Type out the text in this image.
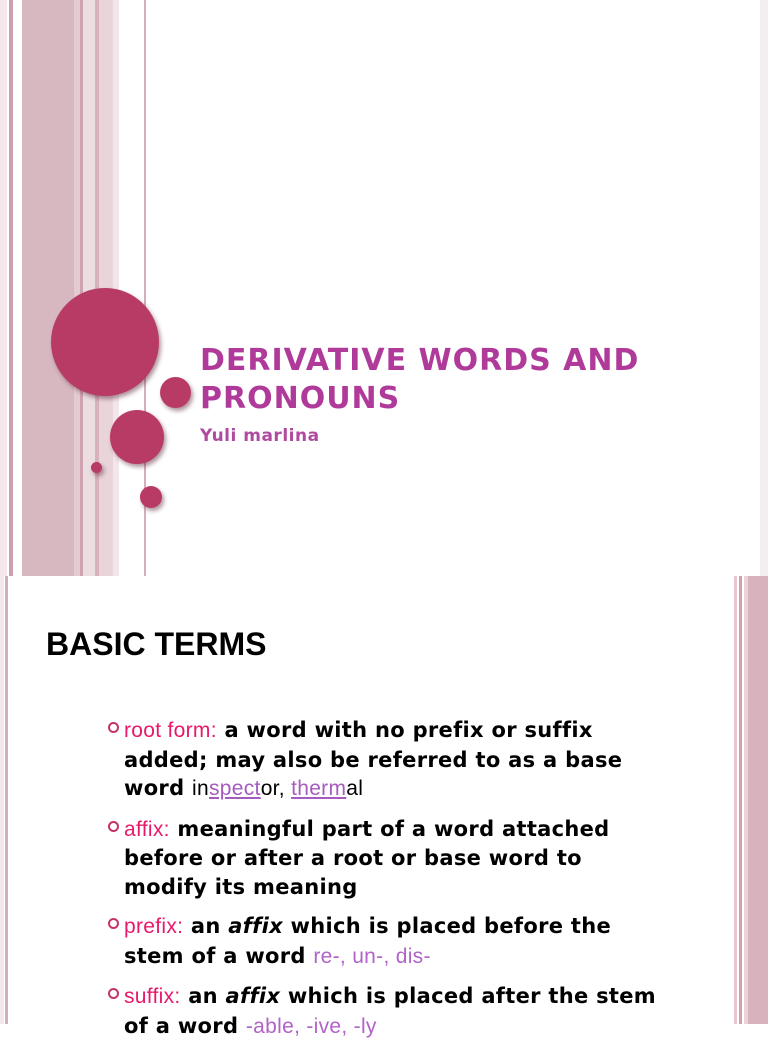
DERIVATIVE WORDS AND PRONOUNS
Yuli marlina
BASIC TERMS
root form: a word with no prefix or suffix added; may also be referred to as a base word inspector, thermal
affix: meaningful part of a word attached before or after a root or base word to modify its meaning
prefix: an affix which is placed before the stem of a word re-, un-, dis-
suffix: an affix which is placed after the stem of a word -able, -ive, -ly
